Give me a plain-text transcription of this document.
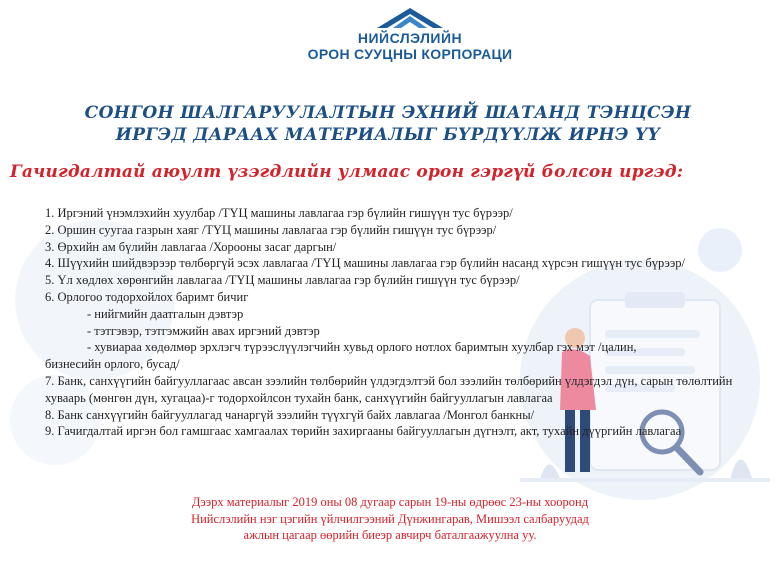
НИЙСЛЭЛИЙН
ОРОН СУУЦНЫ КОРПОРАЦИ
СОНГОН ШАЛГАРУУЛАЛТЫН ЭХНИЙ ШАТАНД ТЭНЦСЭН
ИРГЭД ДАРААХ МАТЕРИАЛЫГ БҮРДҮҮЛЖ ИРНЭ ҮҮ
Гачигдалтай аюулт үзэгдлийн улмаас орон гэргүй болсон иргэд:
1. Иргэний үнэмлэхийн хуулбар /ТҮЦ машины лавлагаа гэр бүлийн гишүүн тус бүрээр/
2. Оршин суугаа газрын хаяг /ТҮЦ машины лавлагаа гэр бүлийн гишүүн тус бүрээр/
3. Өрхийн ам бүлийн лавлагаа /Хорооны засаг даргын/
4. Шүүхийн шийдвэрээр төлбөргүй эсэх лавлагаа /ТҮЦ машины лавлагаа гэр бүлийн насанд хүрсэн гишүүн тус бүрээр/
5. Үл хөдлөх хөрөнгийн лавлагаа /ТҮЦ машины лавлагаа гэр бүлийн гишүүн тус бүрээр/
6. Орлогоо тодорхойлох баримт бичиг
- нийгмийн даатгалын дэвтэр
- тэтгэвэр, тэтгэмжийн авах иргэний дэвтэр
- хувиараа хөдөлмөр эрхлэгч түрээслүүлэгчийн хувьд орлого нотлох баримтын хуулбар гэх мэт /цалин,
бизнесийн орлого, бусад/
7. Банк, санхүүгийн байгууллагаас авсан зээлийн төлбөрийн үлдэгдэлтэй бол зээлийн төлбөрийн үлдэгдэл дүн, сарын төлөлтийн хуваарь (мөнгөн дүн, хугацаа)-г тодорхойлсон тухайн банк, санхүүгийн байгууллагын лавлагаа
8. Банк санхүүгийн байгууллагад чанаргүй зээлийн түүхгүй байх лавлагаа /Монгол банкны/
9. Гачигдалтай иргэн бол гамшгаас хамгаалах төрийн захиргааны байгууллагын дүгнэлт, акт, тухайн дүүргийн лавлагаа
Дээрх материалыг 2019 оны 08 дугаар сарын 19-ны өдрөөс 23-ны хооронд
Нийслэлийн нэг цэгийн үйлчилгээний Дүнжингарав, Мишээл салбаруудад
ажлын цагаар өөрийн биеэр авчирч баталгаажуулна уу.
